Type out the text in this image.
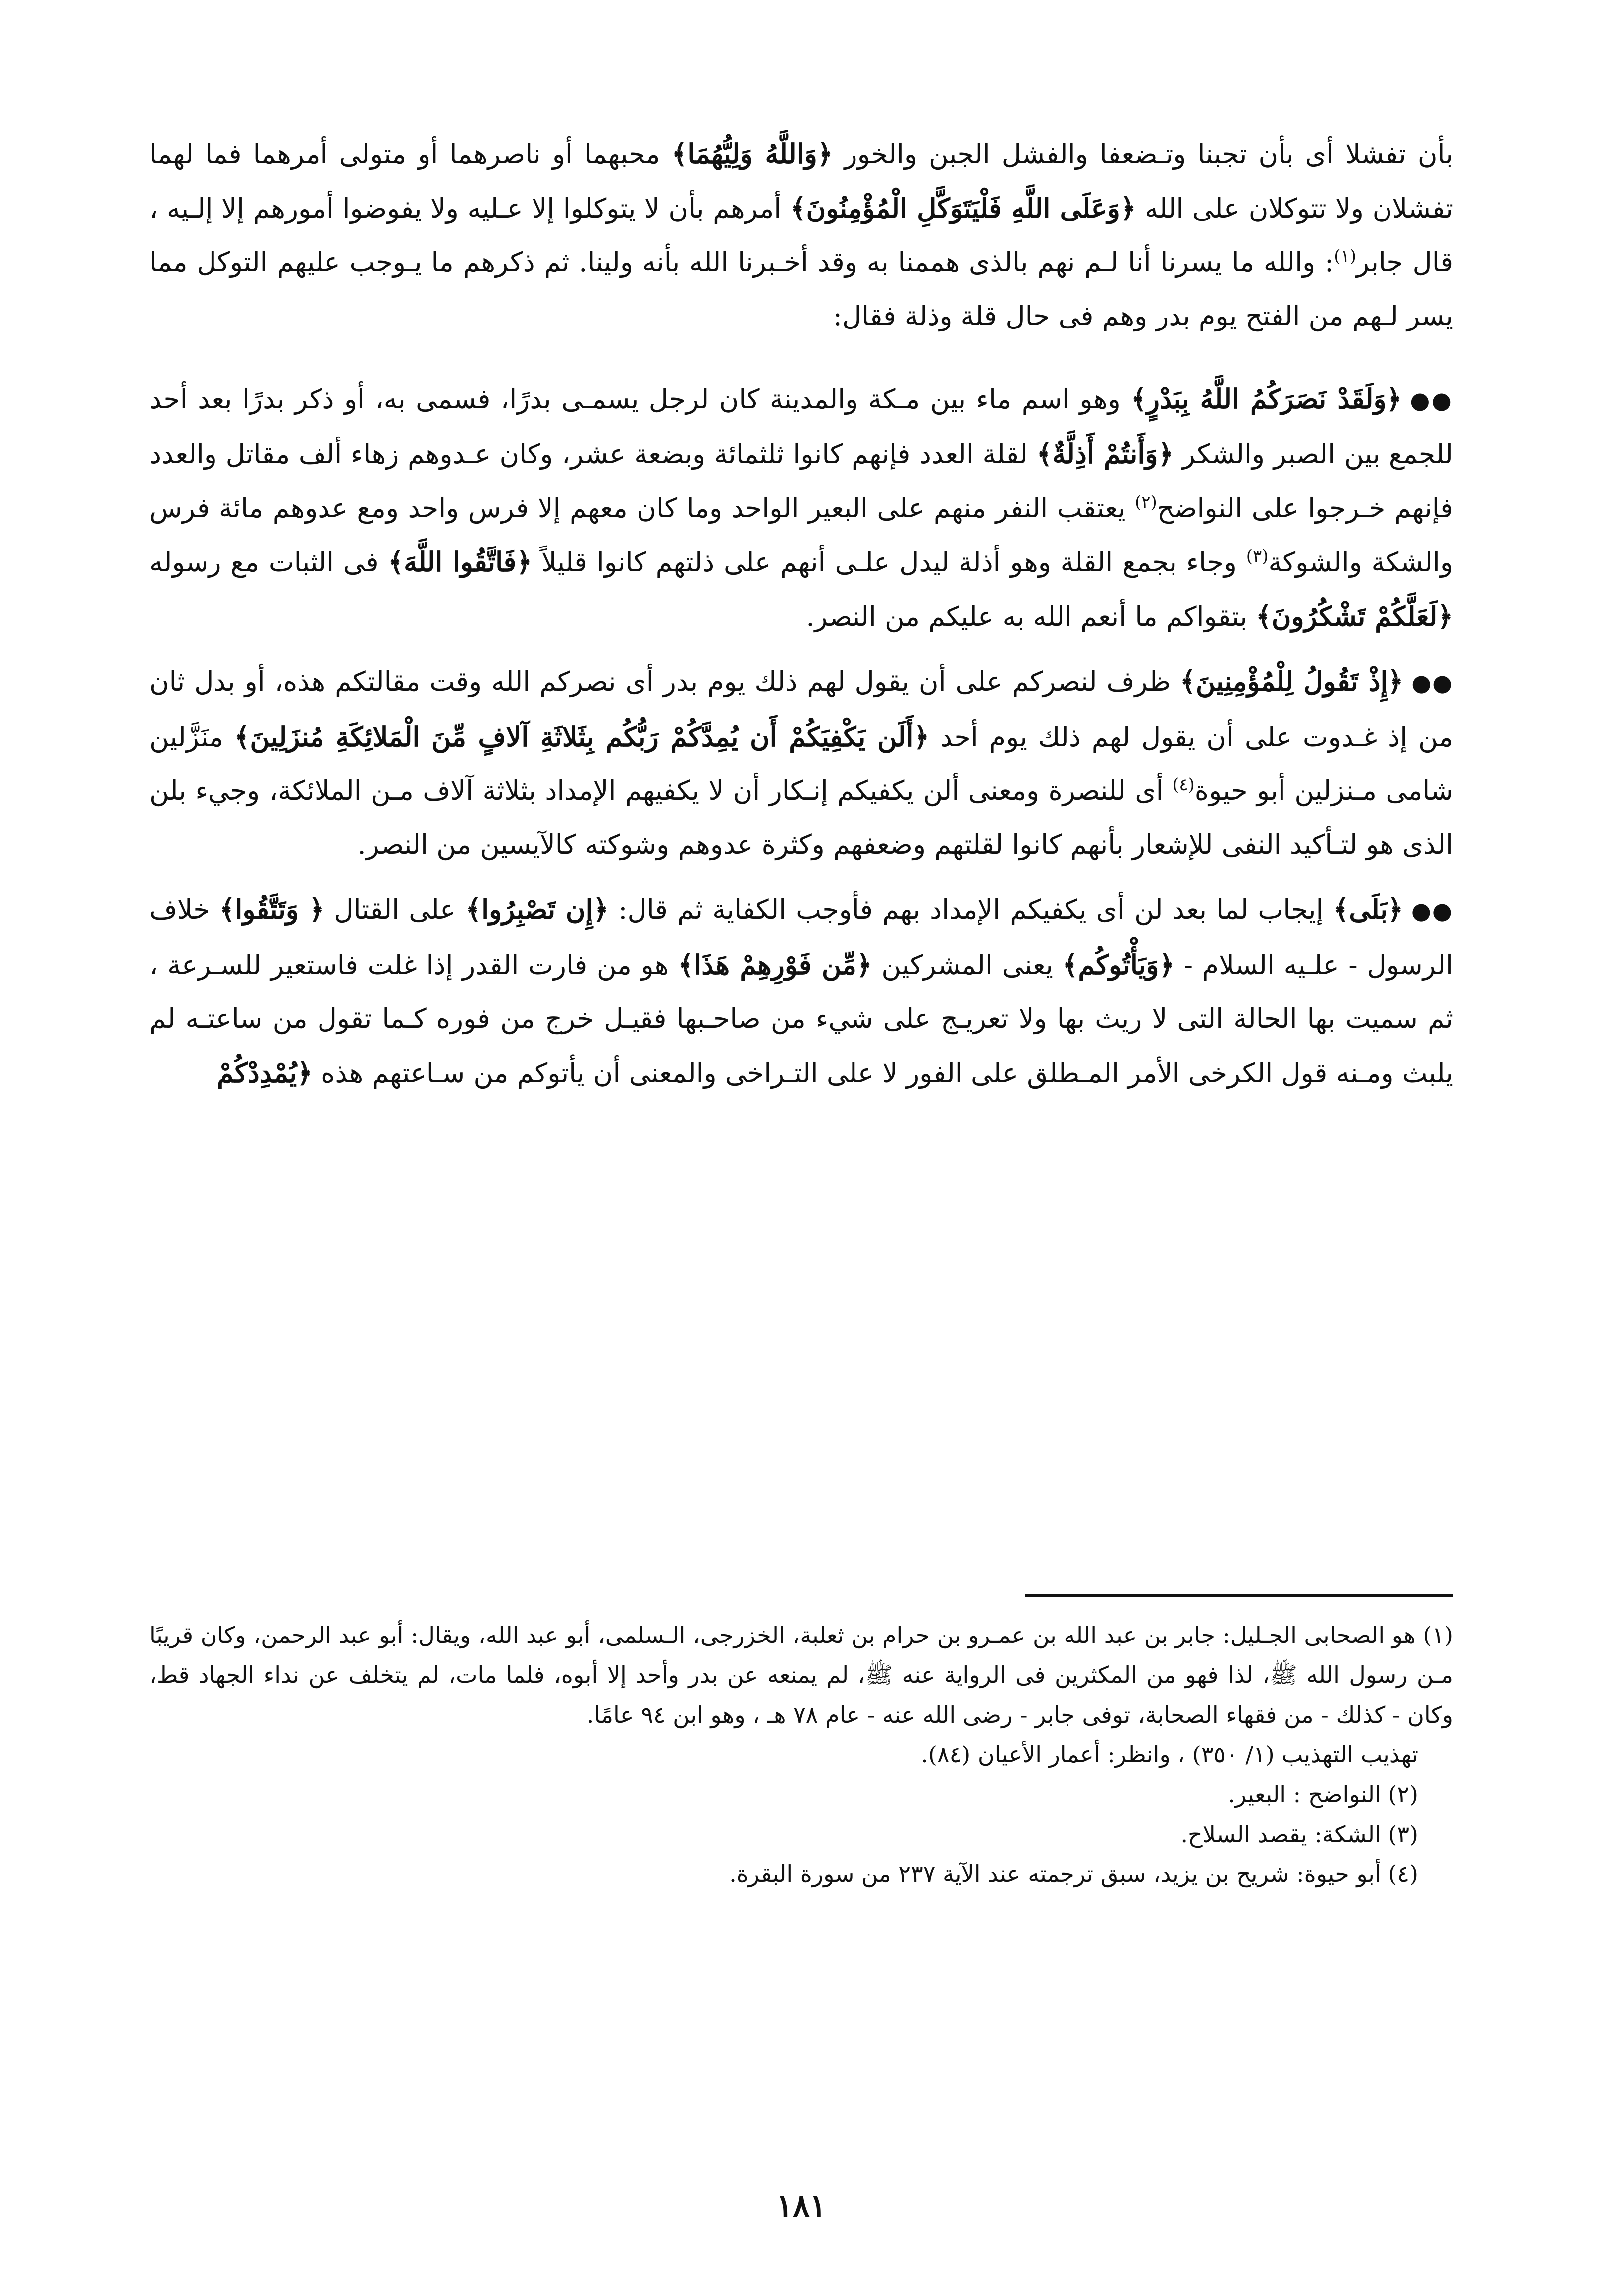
بأن تفشلا أى بأن تجبنا وتـضعفا والفشل الجبن والخور ﴿وَاللَّهُ وَلِيُّهُمَا﴾ محبهما أو ناصرهما أو متولى أمرهما فما لهما تفشلان ولا تتوكلان على الله ﴿وَعَلَى اللَّهِ فَلْيَتَوَكَّلِ الْمُؤْمِنُونَ﴾ أمرهم بأن لا يتوكلوا إلا عـليه ولا يفوضوا أمورهم إلا إلـيه ، قال جابر$^{(١)}$: والله ما يسرنا أنا لـم نهم بالذى هممنا به وقد أخـبرنا الله بأنه ولينا. ثم ذكرهم ما يـوجب عليهم التوكل مما يسر لـهم من الفتح يوم بدر وهم فى حال قلة وذلة فقال:

●●﴿وَلَقَدْ نَصَرَكُمُ اللَّهُ بِبَدْرٍ﴾ وهو اسم ماء بين مـكة والمدينة كان لرجل يسمـى بدرًا، فسمى به، أو ذكر بدرًا بعد أحد للجمع بين الصبر والشكر ﴿وَأَنتُمْ أَذِلَّةٌ﴾ لقلة العدد فإنهم كانوا ثلثمائة وبضعة عشر، وكان عـدوهم زهاء ألف مقاتل والعدد فإنهم خـرجوا على النواضح$^{(٢)}$ يعتقب النفر منهم على البعير الواحد وما كان معهم إلا فرس واحد ومع عدوهم مائة فرس والشكة والشوكة$^{(٣)}$ وجاء بجمع القلة وهو أذلة ليدل علـى أنهم على ذلتهم كانوا قليلاً ﴿فَاتَّقُوا اللَّهَ﴾ فى الثبات مع رسوله ﴿لَعَلَّكُمْ تَشْكُرُونَ﴾ بتقواكم ما أنعم الله به عليكم من النصر.

●●﴿إِذْ تَقُولُ لِلْمُؤْمِنِينَ﴾ ظرف لنصركم على أن يقول لهم ذلك يوم بدر أى نصركم الله وقت مقالتكم هذه، أو بدل ثان من إذ غـدوت على أن يقول لهم ذلك يوم أحد ﴿أَلَن يَكْفِيَكُمْ أَن يُمِدَّكُمْ رَبُّكُم بِثَلاثَةِ آلافٍ مِّنَ الْمَلائِكَةِ مُنزَلِينَ﴾ منَزَّلين شامى مـنزلين أبو حيوة$^{(٤)}$ أى للنصرة ومعنى ألن يكفيكم إنـكار أن لا يكفيهم الإمداد بثلاثة آلاف مـن الملائكة، وجيء بلن الذى هو لتـأكيد النفى للإشعار بأنهم كانوا لقلتهم وضعفهم وكثرة عدوهم وشوكته كالآيسين من النصر.

●●﴿بَلَى﴾ إيجاب لما بعد لن أى يكفيكم الإمداد بهم فأوجب الكفاية ثم قال: ﴿إِن تَصْبِرُوا﴾ على القتال ﴿ وَتَتَّقُوا﴾ خلاف الرسول - علـيه السلام - ﴿وَيَأْتُوكُم﴾ يعنى المشركين ﴿مِّن فَوْرِهِمْ هَذَا﴾ هو من فارت القدر إذا غلت فاستعير للسـرعة ، ثم سميت بها الحالة التى لا ريث بها ولا تعريـج على شيء من صاحـبها فقيـل خرج من فوره كـما تقول من ساعتـه لم يلبث ومـنه قول الكرخى الأمر المـطلق على الفور لا على التـراخى والمعنى أن يأتوكم من سـاعتهم هذه ﴿يُمْدِدْكُمْ

(١) هو الصحابى الجـليل: جابر بن عبد الله بن عمـرو بن حرام بن ثعلبة، الخزرجى، الـسلمى، أبو عبد الله، ويقال: أبو عبد الرحمن، وكان قريبًا مـن رسول الله ﷺ، لذا فهو من المكثرين فى الرواية عنه ﷺ، لم يمنعه عن بدر وأحد إلا أبوه، فلما مات، لم يتخلف عن نداء الجهاد قط، وكان - كذلك - من فقهاء الصحابة، توفى جابر - رضى الله عنه - عام ٧٨ هـ ، وهو ابن ٩٤ عامًا.

تهذيب التهذيب (١/ ٣٥٠) ، وانظر: أعمار الأعيان (٨٤).

(٢) النواضح : البعير.

(٣) الشكة: يقصد السلاح.

(٤) أبو حيوة: شريح بن يزيد، سبق ترجمته عند الآية ٢٣٧ من سورة البقرة.

١٨١
